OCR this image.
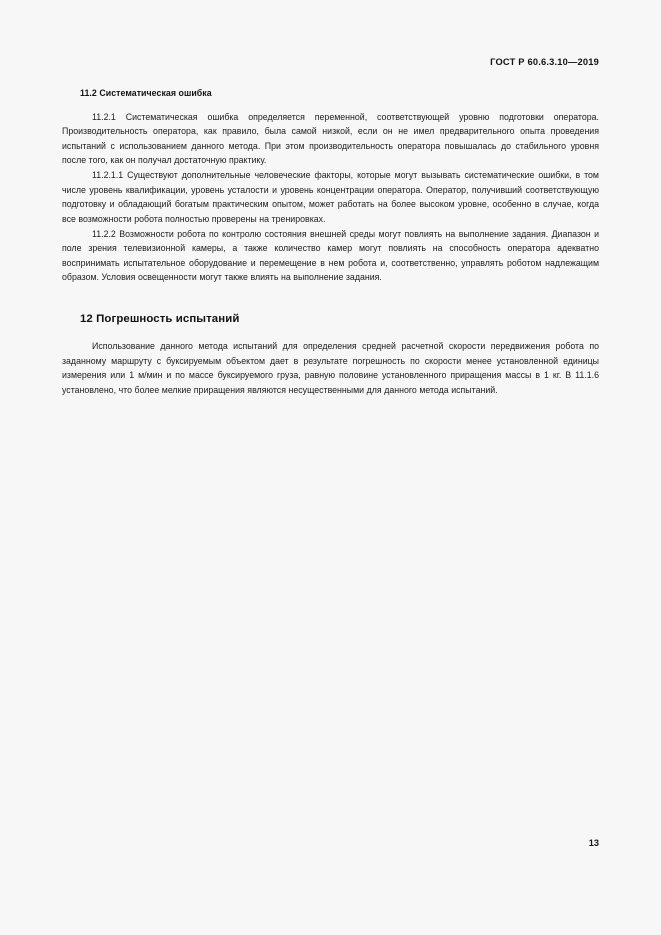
ГОСТ Р 60.6.3.10—2019
11.2 Систематическая ошибка

11.2.1 Систематическая ошибка определяется переменной, соответствующей уровню подготовки оператора. Производительность оператора, как правило, была самой низкой, если он не имел предварительного опыта проведения испытаний с использованием данного метода. При этом производительность оператора повышалась до стабильного уровня после того, как он получал достаточную практику.

11.2.1.1 Существуют дополнительные человеческие факторы, которые могут вызывать систематические ошибки, в том числе уровень квалификации, уровень усталости и уровень концентрации оператора. Оператор, получивший соответствующую подготовку и обладающий богатым практическим опытом, может работать на более высоком уровне, особенно в случае, когда все возможности робота полностью проверены на тренировках.

11.2.2 Возможности робота по контролю состояния внешней среды могут повлиять на выполнение задания. Диапазон и поле зрения телевизионной камеры, а также количество камер могут повлиять на способность оператора адекватно воспринимать испытательное оборудование и перемещение в нем робота и, соответственно, управлять роботом надлежащим образом. Условия освещенности могут также влиять на выполнение задания.

12 Погрешность испытаний

Использование данного метода испытаний для определения средней расчетной скорости передвижения робота по заданному маршруту с буксируемым объектом дает в результате погрешность по скорости менее установленной единицы измерения или 1 м/мин и по массе буксируемого груза, равную половине установленного приращения массы в 1 кг. В 11.1.6 установлено, что более мелкие приращения являются несущественными для данного метода испытаний.

13
